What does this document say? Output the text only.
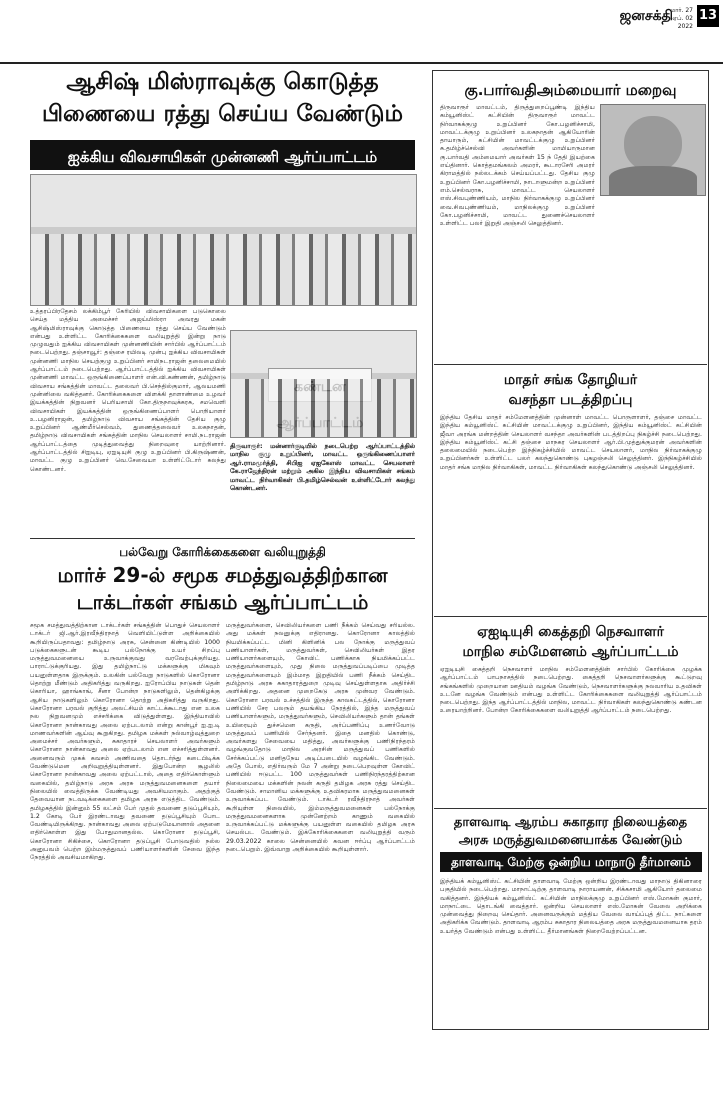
ஜனசக்தி
மார். 27
ஏப். 02
2022
13
ஆசிஷ் மிஸ்ராவுக்கு கொடுத்த
பிணையை ரத்து செய்ய வேண்டும்
ஐக்கிய விவசாயிகள் முன்னணி ஆர்ப்பாட்டம்
உத்தரப்பிரதேசம் லக்கிம்பூர் கேரியில் விவசாயிகளை படுகொலை செய்த மத்திய அமைச்சர் அஜய்மிஸ்ரா அவரது மகன் ஆசிஷ்மிஸ்ராவுக்கு கொடுத்த பிணையை ரத்து செய்ய வேண்டும் என்பது உள்ளிட்ட கோரிக்கைகளை வலியுறுத்தி இன்று நாடு முழுவதும் ஐக்கிய விவசாயிகள் முன்னணியின் சார்பில் ஆர்ப்பாட்டம் நடைபெற்றது. தஞ்சாவூர்: தஞ்சை ரயிலடி முன்பு ஐக்கிய விவசாயிகள் முன்னணி மாநில செயற்குழு உறுப்பினர் சாமிநடராஜன் தலைமையில் ஆர்ப்பாட்டம் நடைபெற்றது. ஆர்ப்பாட்டத்தில் ஐக்கிய விவசாயிகள் முன்னணி மாவட்ட ஒருங்கிணைப்பாளர் என்.வி.கண்ணன், தமிழ்நாடு விவசாய சங்கத்தின் மாவட்ட தலைவர் பி.செந்தில்குமார், ஆலயமணி முன்னிலை வகித்தனர். கோரிக்கைகளை விளக்கி தாளாண்மை உழவர் இயக்கத்தின் நிறுவனர் பெரியசாமி கோ.திருநாவுக்கரசு, சமவெளி விவசாயிகள் இயக்கத்தின் ஒருங்கிணைப்பாளர் பொறியாளர் உ.பழனிராஜன், தமிழ்நாடு விவசாய சங்கத்தின் தேசிய குழு உறுப்பினர் ஆண்மீர்செல்வம், துணைத்தலைவர் உலகநாதன், தமிழ்நாடு விவசாயிகள் சங்கத்தின் மாநில செயலாளர் சாமி.நடராஜன் ஆர்ப்பாட்டத்தை முடித்துவைத்து நிறைவுரை யாற்றினார். ஆர்ப்பாட்டத்தில் சிஐடியு, ஏஐடியுசி குழு உறுப்பினர் பி.கிருஷ்ணன், மாவட்ட குழு உறுப்பினர் வெ.சேவையா உள்ளிட்டோர் கலந்து கொண்டனர்.
திருவாரூர்: மன்னார்குடியில் நடைபெற்ற ஆர்ப்பாட்டத்தில் மாநில குழு உறுப்பினர், மாவட்ட ஒருங்கிணைப்பாளர் ஆர்.ராமமூர்த்தி, சிபிஐ ஏஐகேஎஸ் மாவட்ட செயலாளர் கே.ராஜேந்திரன் மற்றும் அகில இந்திய விவசாயிகள் சங்கம் மாவட்ட நிர்வாகிகள் பி.தமிழ்செல்வன் உள்ளிட்டோர் கலந்து கொண்டனர்.
பல்வேறு கோரிக்கைகளை வலியுறுத்தி
மார்ச் 29-ல் சமூக சமத்துவத்திற்கான
டாக்டர்கள் சங்கம் ஆர்ப்பாட்டம்
சமூக சமத்துவத்திற்கான டாக்டர்கள் சங்கத்தின் பொதுச் செயலாளர் டாக்டர் ஜி.ஆர்.இரவீந்திரநாத் வெளியிட்டுள்ள அறிக்கையில் கூறியிருப்பதாவது: தமிழ்நாடு அரசு, சென்னை கிண்டியில் 1000 படுக்கைகளுடன் கூடிய பல்நோக்கு உயர் சிறப்பு மருத்துவமனையை உருவாக்குவது வரவேற்புக்குரியது. பாராட்டுக்குரியது. இது தமிழ்நாட்டு மக்களுக்கு மிகவும் பயனுள்ளதாக இருக்கும். உலகின் பல்வேறு நாடுகளில் கொரோனா தொற்று மீண்டும் அதிகரித்து வருகிறது. ஐரோப்பிய நாடுகள் தென் கொரியா, ஹாங்காங், சீனா போன்ற நாடுகளிலும், தென்கிழக்கு ஆசிய நாடுகளிலும் கொரோனா தொற்று அதிகரித்து வருகிறது. கொரோனா பரவல் குறித்து அலட்சியம் காட்டக்கூடாது என உலக நல நிறுவனமும் எச்சரிக்கை விடுத்துள்ளது. இந்தியாவில் கொரோனா நான்காவது அலை ஏற்படலாம் என்று கான்பூர் ஐ.ஐ.டி மாணவர்களின் ஆய்வு கூறுகிறது. தமிழக மக்கள் நல்வாழ்வுத்துறை அமைச்சர் அவர்களும், சுகாதாரச் செயலாளர் அவர்களும் கொரோனா நான்காவது அலை ஏற்படலாம் என எச்சரித்துள்ளனர். அனைவரும் முகக் கவசம் அணிவதை தொடர்ந்து கடைபிடிக்க வேண்டுமென அறிவுறுத்தியுள்ளனர். இதுபோன்ற சூழலில் கொரோனா நான்காவது அலை ஏற்பட்டால், அதை எதிர்கொள்ளும் வகையில், தமிழ்நாடு அரசு அரசு மருத்துவமனைகளை தயார் நிலையில் வைத்திருக்க வேண்டியது அவசியமாகும். அதற்குத் தேவையான நடவடிக்கைகளை தமிழக அரசு எடுத்திட வேண்டும். தமிழகத்தில் இன்னும் 55 லட்சம் பேர் முதல் தவணை தடுப்பூசியும், 1.2 கோடி பேர் இரண்டாவது தவணை தடுப்பூசியும் போட வேண்டியிருக்கிறது. நான்காவது அலை ஏற்படுமேயானால் அதனை எதிர்கொள்ள இது போதுமானதல்ல. கொரோனா தடுப்பூசி, கொரோனா சிகிச்சை, கொரோனா தடுப்பூசி போடுவதில் நல்ல அனுபவம் பெற்ற இம்மருத்துவப் பணியாளர்களின் சேவை இந்த நேரத்தில் அவசியமாகிறது.
மருத்துவர்களை, செவிலியர்களை பணி நீக்கம் செய்வது சரியல்ல. அது மக்கள் நலனுக்கு எதிரானது. கொரோனா காலத்தில் நியமிக்கப்பட்ட மினி கிளினிக் பல நோக்கு மருத்துவப் பணியாளர்கள், மருத்துவர்கள், செவிலியர்கள் இதர பணியாளர்களையும், கோவிட் பணிக்காக நியமிக்கப்பட்ட மருத்துவர்களையும், முது நிலை மருத்துவப்படிப்பை முடித்த மருத்துவர்களையும் இம்மாத இறுதியில் பணி நீக்கம் செய்திட தமிழ்நாடு அரசு சுகாதாரத்துறை முடிவு செய்துள்ளதாக அதிர்ச்சி அளிக்கிறது. அதனை முறைகேடு அரசு முன்வர வேண்டும். கொரோனா பரவல் உச்சத்தில் இருந்த காலகட்டத்தில், கொரோனா பணியில் சேர பலரும் தயங்கிய நேரத்தில், இந்த மருத்துவப் பணியாளர்களும், மருத்துவர்களும், செவிலியர்களும் தான் தங்கள் உயிரையும் துச்சமென கருதி, அர்ப்பணிப்பு உணர்வோடு மருத்துவப் பணியில் சேர்ந்தனர். இதை மனதில் கொண்டு, அவர்களது சேவையை மதித்து, அவர்களுக்கு பணிநிரந்தரம் வழங்குவதோடு மாநில அரசின் மருத்துவப் பணிகளில் சேர்க்கப்பட்டு மனிதநேய அடிப்படையில் வழங்கிட வேண்டும். அதே போல், எதிர்வரும் மே 7 அன்று நடைபெறவுள்ள கோவிட் பணியில் ஈடுபட்ட 100 மருத்துவர்கள் பணிநிரந்தரத்திற்கான நிலைமையை மக்களின் நலன் கருதி தமிழக அரசு ரத்து செய்திட வேண்டும். சாமானிய மக்களுக்கு உதவிகரமாக மருத்துவமனைகள் உருவாக்கப்பட வேண்டும். டாக்டர் ரவீந்திரநாத் அவர்கள் கூறியுள்ள நிலையில், இம்மருத்துவமனைகள் பல்நோக்கு மருத்துவமனைகளாக முன்னேற்றம் காணும் வகையில் உருவாக்கப்பட்டு மக்களுக்கு பயனுள்ள வகையில் தமிழக அரசு செயல்பட வேண்டும். இக்கோரிக்கைகளை வலியுறுத்தி வரும் 29.03.2022 காலை சென்னையில் கவன ஈர்ப்பு ஆர்ப்பாட்டம் நடைபெறும். இவ்வாறு அறிக்கையில் கூறியுள்ளார்.
கு.பார்வதிஅம்மையார் மறைவு
திருவாரூர் மாவட்டம், திருத்துறைப்பூண்டி இந்திய கம்யூனிஸ்ட் கட்சியின் திருவாரூர் மாவட்ட நிர்வாகக்குழு உறுப்பினர் கோ.பழனிச்சாமி, மாவட்டக்குழு உறுப்பினர் உலகநாதன் ஆகியோரின் தாயாரும், கட்சியின் மாவட்டக்குழு உறுப்பினர் சு.தமிழ்ச்செல்வி அவர்களின் மாமியாருமான கு.பார்வதி அம்மையார் அவர்கள் 15 ந் தேதி இயற்கை எய்தினார். கொத்தமங்கலம் அமரர், கூடாரசேரி அமரர் கிராமத்தில் நல்லடக்கம் செய்யப்பட்டது. தேசிய குழு உறுப்பினர் கோ.பழனிச்சாமி, நாடாளுமன்ற உறுப்பினர் எம்.செல்வராசு, மாவட்ட செயலாளர் எஸ்.சிவபுண்ணியம், மாநில நிர்வாகக்குழு உறுப்பினர் வை.சிவபுண்ணியம், மாநிலக்குழு உறுப்பினர் கோ.பழனிச்சாமி, மாவட்ட துணைச்செயலாளர் உள்ளிட்ட பலர் இறுதி அஞ்சலி செலுத்தினர்.
மாதர் சங்க தோழியர்
வசந்தா படத்திறப்பு
இந்திய தேசிய மாதர் சம்மேளனத்தின் முன்னாள் மாவட்ட பொருளாளர், தஞ்சை மாவட்ட இந்திய கம்யூனிஸ்ட் கட்சியின் மாவட்டக்குழு உறுப்பினர், இந்திய கம்யூனிஸ்ட் கட்சியின் ஜீவா அரங்க மன்றத்தின் செயலாளர் வசந்தா அவர்களின் படத்திறப்பு நிகழ்ச்சி நடைபெற்றது. இந்திய கம்யூனிஸ்ட் கட்சி தஞ்சை மாநகர செயலாளர் ஆர்.பி.முத்துக்குமரன் அவர்களின் தலைமையில் நடைபெற்ற இந்நிகழ்ச்சியில் மாவட்ட செயலாளர், மாநில நிர்வாகக்குழு உறுப்பினர்கள் உள்ளிட்ட பலர் கலந்துகொண்டு புகழஞ்சலி செலுத்தினர். இந்நிகழ்ச்சியில் மாதர் சங்க மாநில நிர்வாகிகள், மாவட்ட நிர்வாகிகள் கலந்துகொண்டு அஞ்சலி செலுத்தினர்.
ஏஐடியுசி கைத்தறி நெசவாளர்
மாநில சம்மேளனம் ஆர்ப்பாட்டம்
ஏஐடியுசி கைத்தறி நெசவாளர் மாநில சம்மேளனத்தின் சார்பில் கோரிக்கை முழக்க ஆர்ப்பாட்டம் பாபநாசத்தில் நடைபெற்றது. கைத்தறி நெசவாளர்களுக்கு கூட்டுறவு சங்கங்களில் முறையான ஊதியம் வழங்க வேண்டும், நெசவாளர்களுக்கு நலவாரிய உதவிகள் உடனே வழங்க வேண்டும் என்பது உள்ளிட்ட கோரிக்கைகளை வலியுறுத்தி ஆர்ப்பாட்டம் நடைபெற்றது. இந்த ஆர்ப்பாட்டத்தில் மாநில, மாவட்ட நிர்வாகிகள் கலந்துகொண்டு கண்டன உரையாற்றினர். போன்ற கோரிக்கைகளை வலியுறுத்தி ஆர்ப்பாட்டம் நடைபெற்றது.
தாளவாடி ஆரம்ப சுகாதார நிலையத்தை
அரசு மருத்துவமனையாக்க வேண்டும்
தாளவாடி மேற்கு ஒன்றிய மாநாடு தீர்மானம்
இந்தியக் கம்யூனிஸ்ட் கட்சியின் தாளவாடி மேற்கு ஒன்றிய இரண்டாவது மாநாடு திகினாரை பகுதியில் நடைபெற்றது. மாநாட்டிற்கு தாளவாடி நாராயணன், சிக்கசாமி ஆகியோர் தலைமை வகித்தனர். இந்தியக் கம்யூனிஸ்ட் கட்சியின் மாநிலக்குழு உறுப்பினர் எஸ்.மோகன் குமார், மாநாட்டை தொடங்கி வைத்தார். ஒன்றிய செயலாளர் எஸ்.மோகன் வேலை அறிக்கை முன்வைத்து நிறைவு செய்தார். அனைவருக்கும் மத்திய வேலை வாய்ப்புத் திட்ட நாட்களை அதிகரிக்க வேண்டும். தாளவாடி ஆரம்ப சுகாதார நிலையத்தை அரசு மருத்துவமனையாக தரம் உயர்த்த வேண்டும் என்பது உள்ளிட்ட தீர்மானங்கள் நிறைவேற்றப்பட்டன.
